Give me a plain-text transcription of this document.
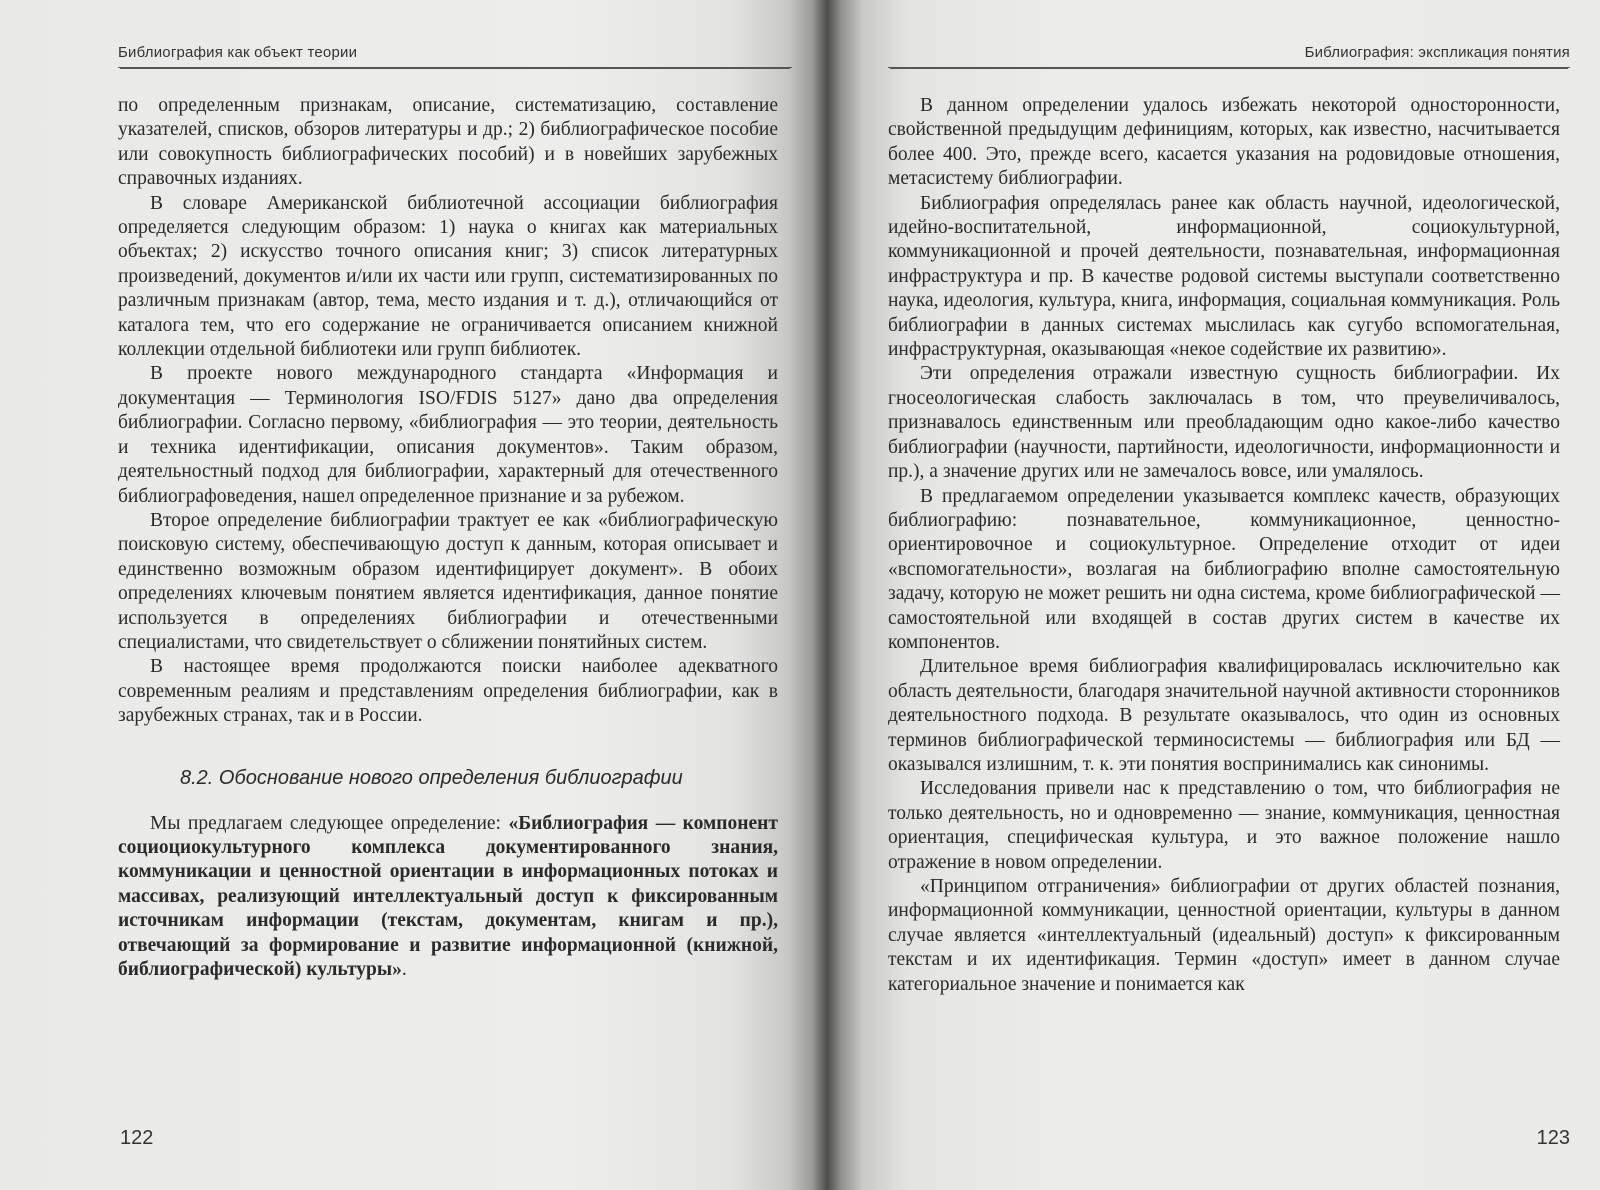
Библиография как объект теории

по определенным признакам, описание, систематизацию, составление указателей, списков, обзоров литературы и др.; 2) библиографическое пособие или совокупность библиографических пособий) и в новейших зарубежных справочных изданиях.

В словаре Американской библиотечной ассоциации библиография определяется следующим образом: 1) наука о книгах как материальных объектах; 2) искусство точного описания книг; 3) список литературных произведений, документов и/или их части или групп, систематизированных по различным признакам (автор, тема, место издания и т. д.), отличающийся от каталога тем, что его содержание не ограничивается описанием книжной коллекции отдельной библиотеки или групп библиотек.

В проекте нового международного стандарта «Информация и документация — Терминология ISO/FDIS 5127» дано два определения библиографии. Согласно первому, «библиография — это теории, деятельность и техника идентификации, описания документов». Таким образом, деятельностный подход для библиографии, характерный для отечественного библиографоведения, нашел определенное признание и за рубежом.

Второе определение библиографии трактует ее как «библиографическую поисковую систему, обеспечивающую доступ к данным, которая описывает и единственно возможным образом идентифицирует документ». В обоих определениях ключевым понятием является идентификация, данное понятие используется в определениях библиографии и отечественными специалистами, что свидетельствует о сближении понятийных систем.

В настоящее время продолжаются поиски наиболее адекватного современным реалиям и представлениям определения библиографии, как в зарубежных странах, так и в России.

8.2. Обоснование нового определения библиографии

Мы предлагаем следующее определение: «Библиография — компонент социоциокультурного комплекса документированного знания, коммуникации и ценностной ориентации в информационных потоках и массивах, реализующий интеллектуальный доступ к фиксированным источникам информации (текстам, документам, книгам и пр.), отвечающий за формирование и развитие информационной (книжной, библиографической) культуры».

122
Библиография: экспликация понятия

В данном определении удалось избежать некоторой односторонности, свойственной предыдущим дефинициям, которых, как известно, насчитывается более 400. Это, прежде всего, касается указания на родовидовые отношения, метасистему библиографии.

Библиография определялась ранее как область научной, идеологической, идейно-воспитательной, информационной, социокультурной, коммуникационной и прочей деятельности, познавательная, информационная инфраструктура и пр. В качестве родовой системы выступали соответственно наука, идеология, культура, книга, информация, социальная коммуникация. Роль библиографии в данных системах мыслилась как сугубо вспомогательная, инфраструктурная, оказывающая «некое содействие их развитию».

Эти определения отражали известную сущность библиографии. Их гносеологическая слабость заключалась в том, что преувеличивалось, признавалось единственным или преобладающим одно какое-либо качество библиографии (научности, партийности, идеологичности, информационности и пр.), а значение других или не замечалось вовсе, или умалялось.

В предлагаемом определении указывается комплекс качеств, образующих библиографию: познавательное, коммуникационное, ценностно-ориентировочное и социокультурное. Определение отходит от идеи «вспомогательности», возлагая на библиографию вполне самостоятельную задачу, которую не может решить ни одна система, кроме библиографической — самостоятельной или входящей в состав других систем в качестве их компонентов.

Длительное время библиография квалифицировалась исключительно как область деятельности, благодаря значительной научной активности сторонников деятельностного подхода. В результате оказывалось, что один из основных терминов библиографической терминосистемы — библиография или БД — оказывался излишним, т. к. эти понятия воспринимались как синонимы.

Исследования привели нас к представлению о том, что библиография не только деятельность, но и одновременно — знание, коммуникация, ценностная ориентация, специфическая культура, и это важное положение нашло отражение в новом определении.

«Принципом отграничения» библиографии от других областей познания, информационной коммуникации, ценностной ориентации, культуры в данном случае является «интеллектуальный (идеальный) доступ» к фиксированным текстам и их идентификация. Термин «доступ» имеет в данном случае категориальное значение и понимается как

123
